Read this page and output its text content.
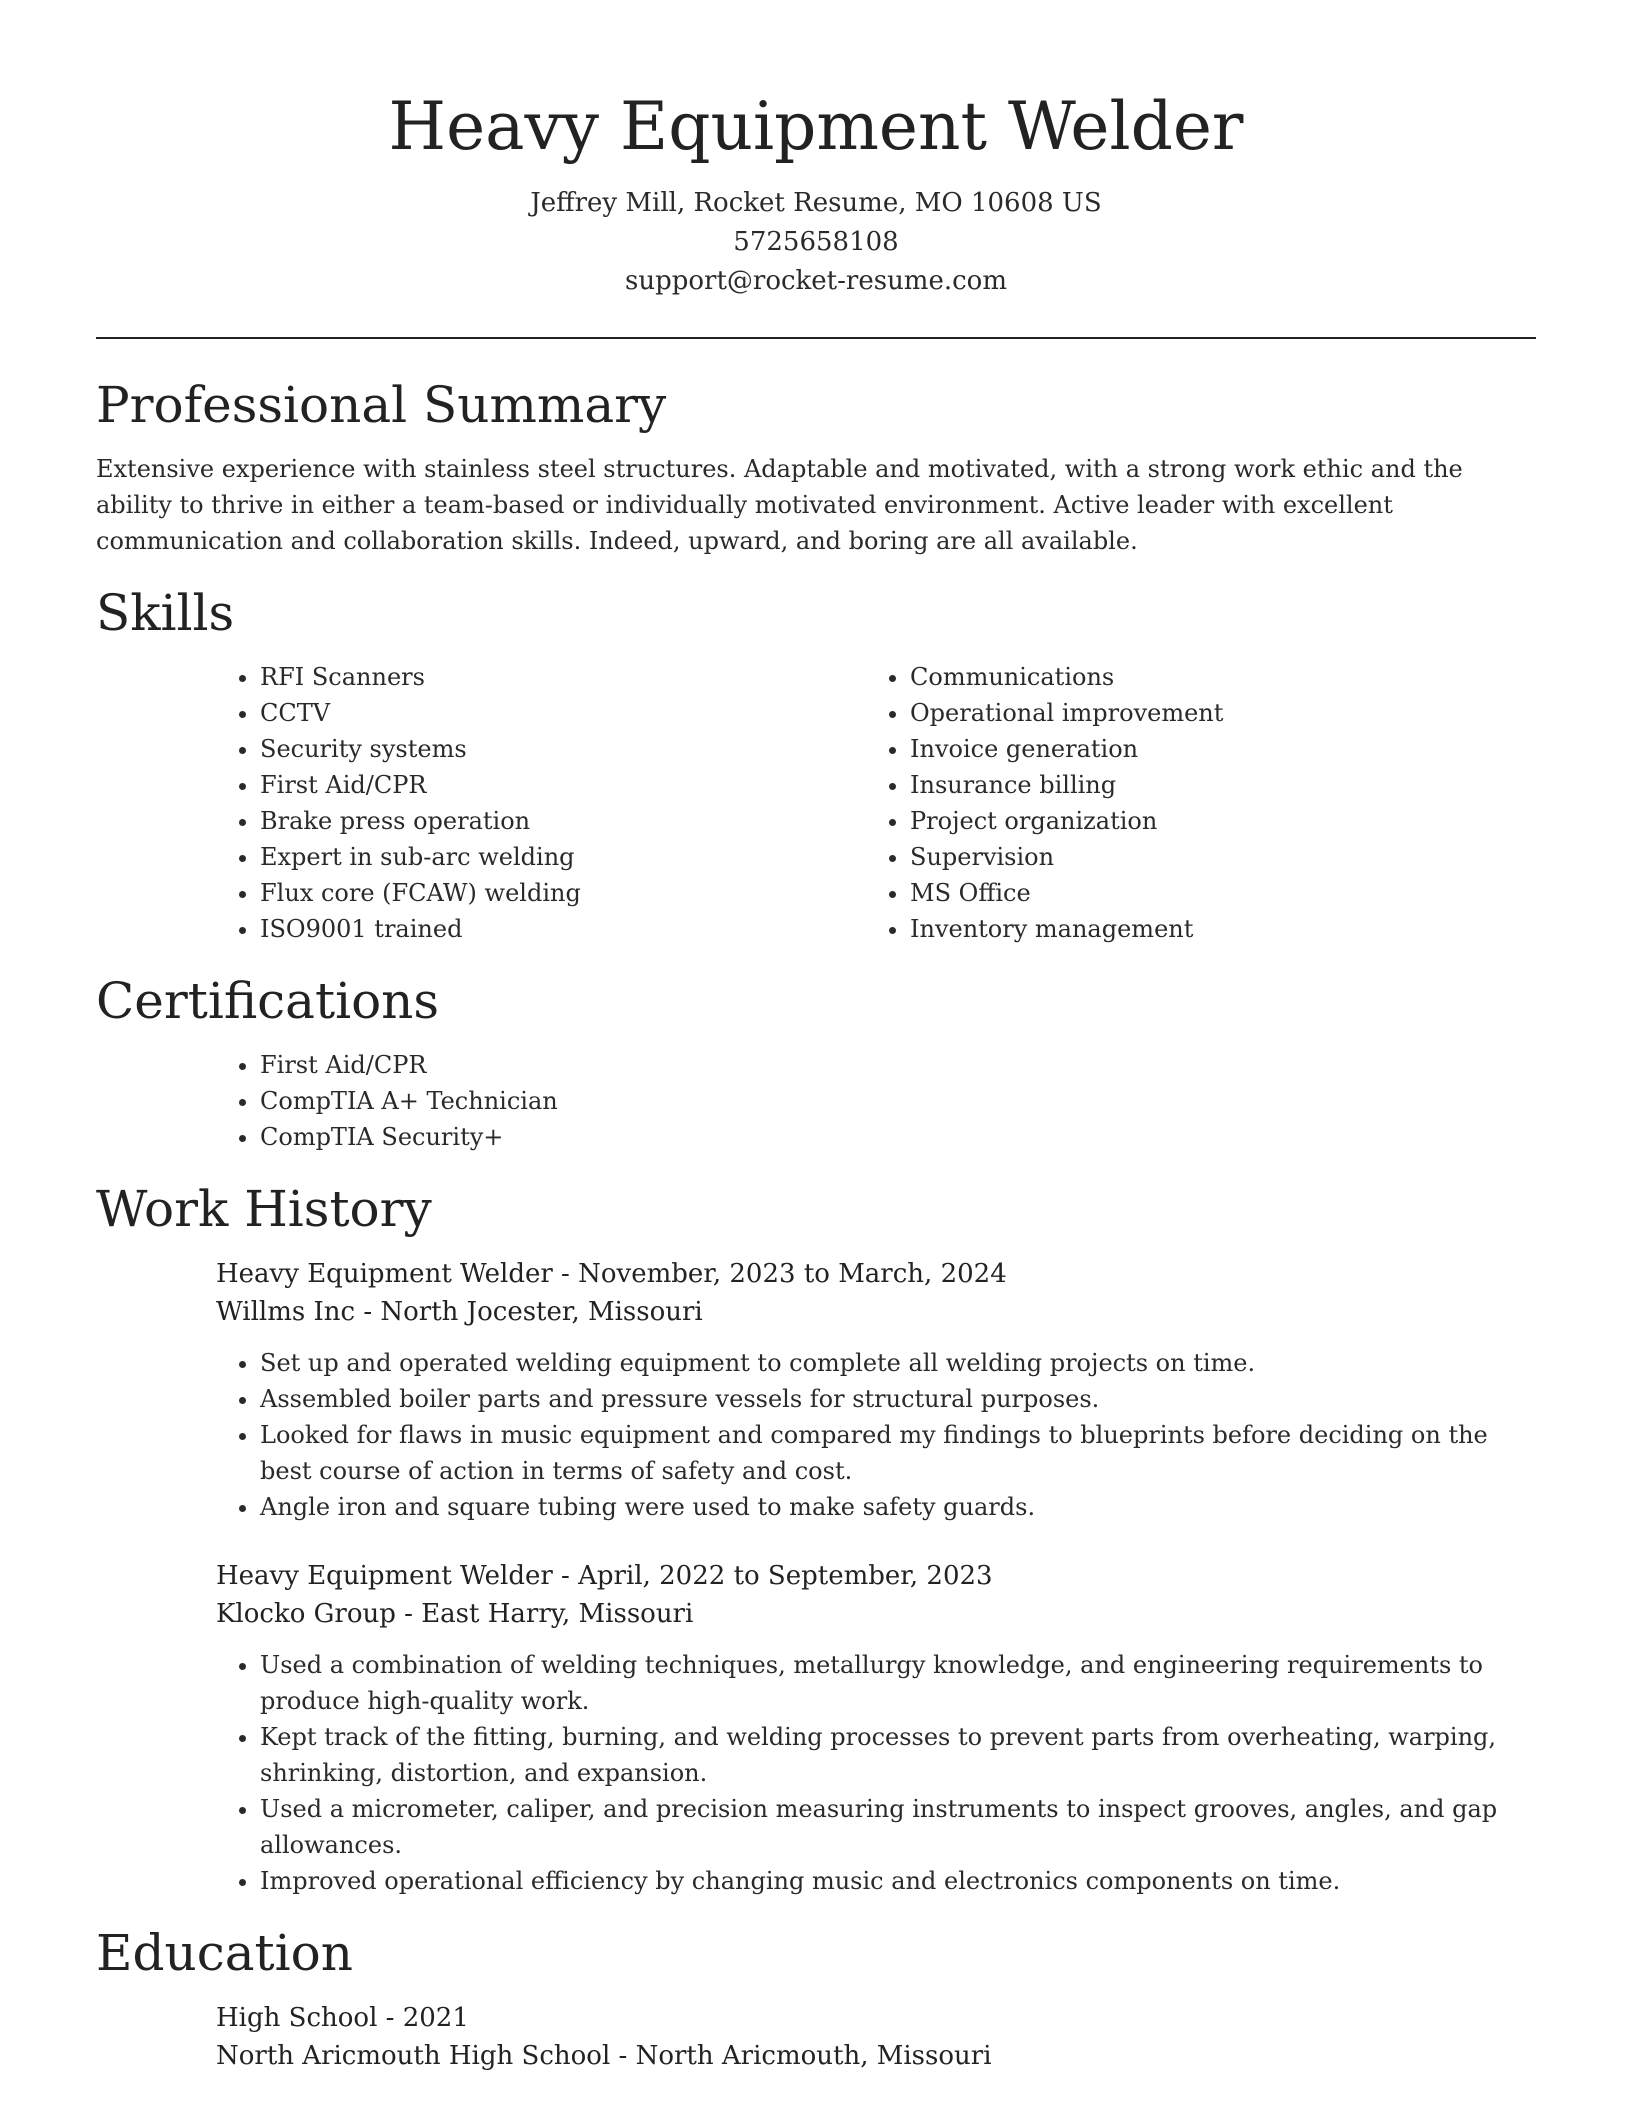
Heavy Equipment Welder
Jeffrey Mill, Rocket Resume, MO 10608 US
5725658108
support@rocket-resume.com
Professional Summary

Extensive experience with stainless steel structures. Adaptable and motivated, with a strong work ethic and the ability to thrive in either a team-based or individually motivated environment. Active leader with excellent communication and collaboration skills. Indeed, upward, and boring are all available.

Skills
• RFI Scanners
• CCTV
• Security systems
• First Aid/CPR
• Brake press operation
• Expert in sub-arc welding
• Flux core (FCAW) welding
• ISO9001 trained
• Communications
• Operational improvement
• Invoice generation
• Insurance billing
• Project organization
• Supervision
• MS Office
• Inventory management
Certifications
• First Aid/CPR
• CompTIA A+ Technician
• CompTIA Security+
Work History
Heavy Equipment Welder - November, 2023 to March, 2024
Willms Inc - North Jocester, Missouri
• Set up and operated welding equipment to complete all welding projects on time.
• Assembled boiler parts and pressure vessels for structural purposes.
• Looked for flaws in music equipment and compared my findings to blueprints before deciding on the best course of action in terms of safety and cost.
• Angle iron and square tubing were used to make safety guards.
Heavy Equipment Welder - April, 2022 to September, 2023
Klocko Group - East Harry, Missouri
• Used a combination of welding techniques, metallurgy knowledge, and engineering requirements to produce high-quality work.
• Kept track of the fitting, burning, and welding processes to prevent parts from overheating, warping, shrinking, distortion, and expansion.
• Used a micrometer, caliper, and precision measuring instruments to inspect grooves, angles, and gap allowances.
• Improved operational efficiency by changing music and electronics components on time.
Education
High School - 2021
North Aricmouth High School - North Aricmouth, Missouri
